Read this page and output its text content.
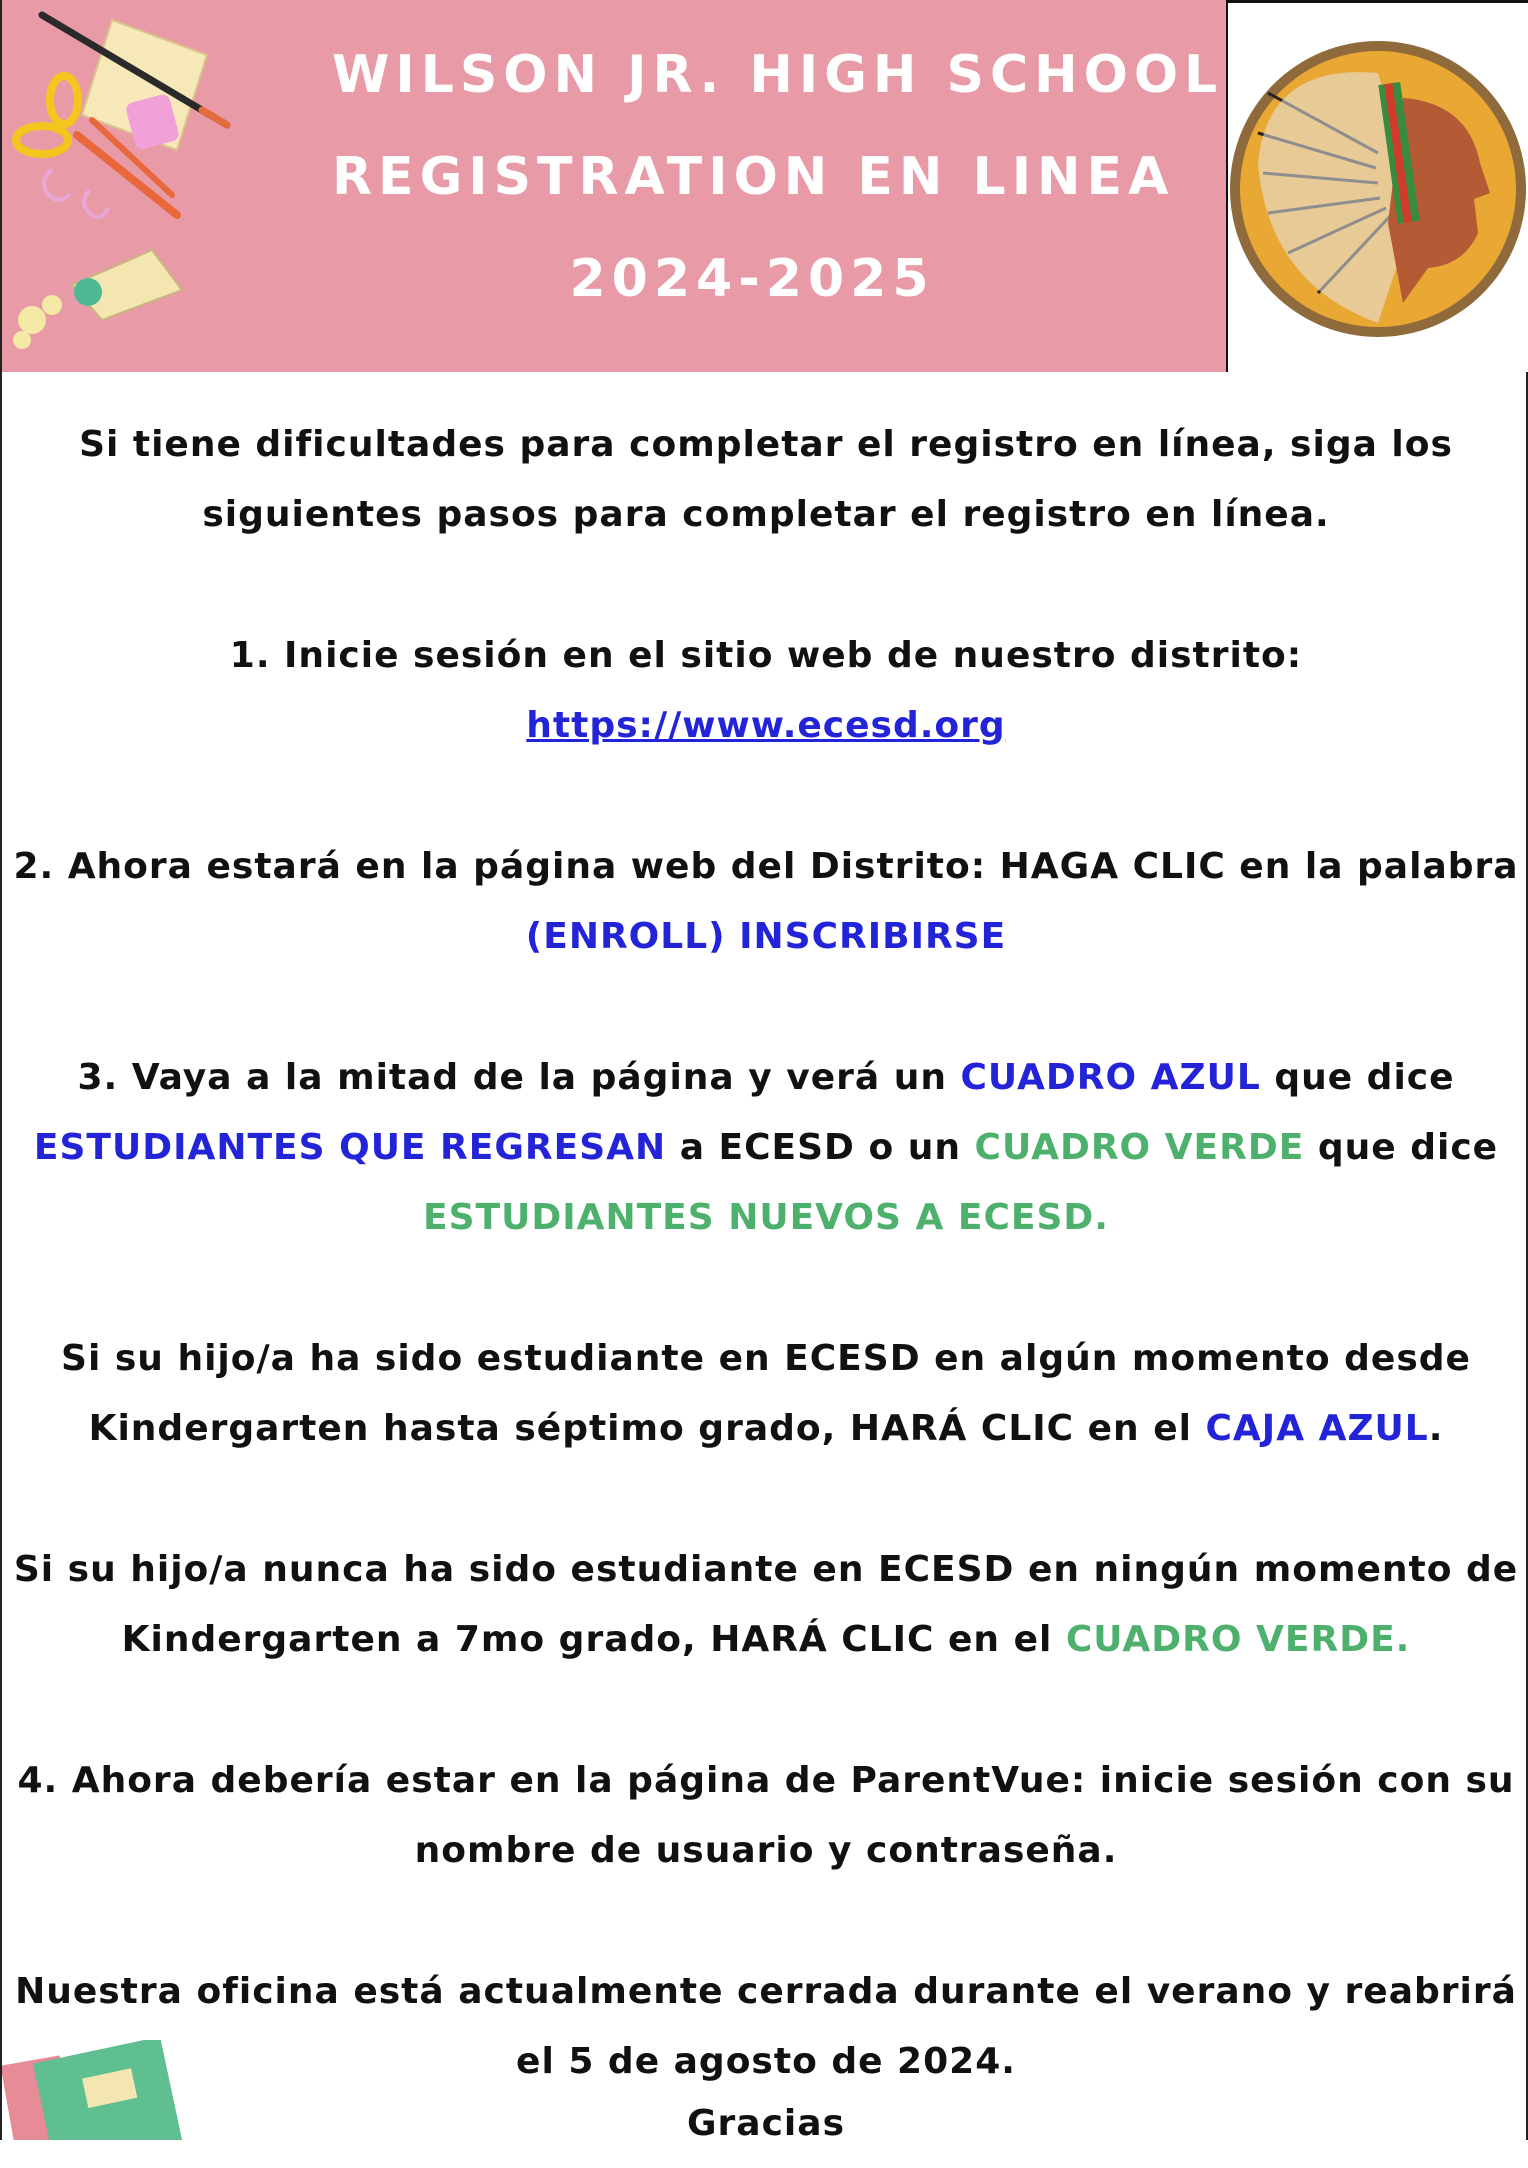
WILSON JR. HIGH SCHOOL
REGISTRATION EN LINEA
2024-2025

Si tiene dificultades para completar el registro en línea, siga los siguientes pasos para completar el registro en línea.

1. Inicie sesión en el sitio web de nuestro distrito: https://www.ecesd.org

2. Ahora estará en la página web del Distrito: HAGA CLIC en la palabra (ENROLL) INSCRIBIRSE

3. Vaya a la mitad de la página y verá un CUADRO AZUL que dice ESTUDIANTES QUE REGRESAN a ECESD o un CUADRO VERDE que dice ESTUDIANTES NUEVOS A ECESD.

Si su hijo/a ha sido estudiante en ECESD en algún momento desde Kindergarten hasta séptimo grado, HARÁ CLIC en el CAJA AZUL.

Si su hijo/a nunca ha sido estudiante en ECESD en ningún momento de Kindergarten a 7mo grado, HARÁ CLIC en el CUADRO VERDE.

4. Ahora debería estar en la página de ParentVue: inicie sesión con su nombre de usuario y contraseña.

Nuestra oficina está actualmente cerrada durante el verano y reabrirá el 5 de agosto de 2024.

Gracias
